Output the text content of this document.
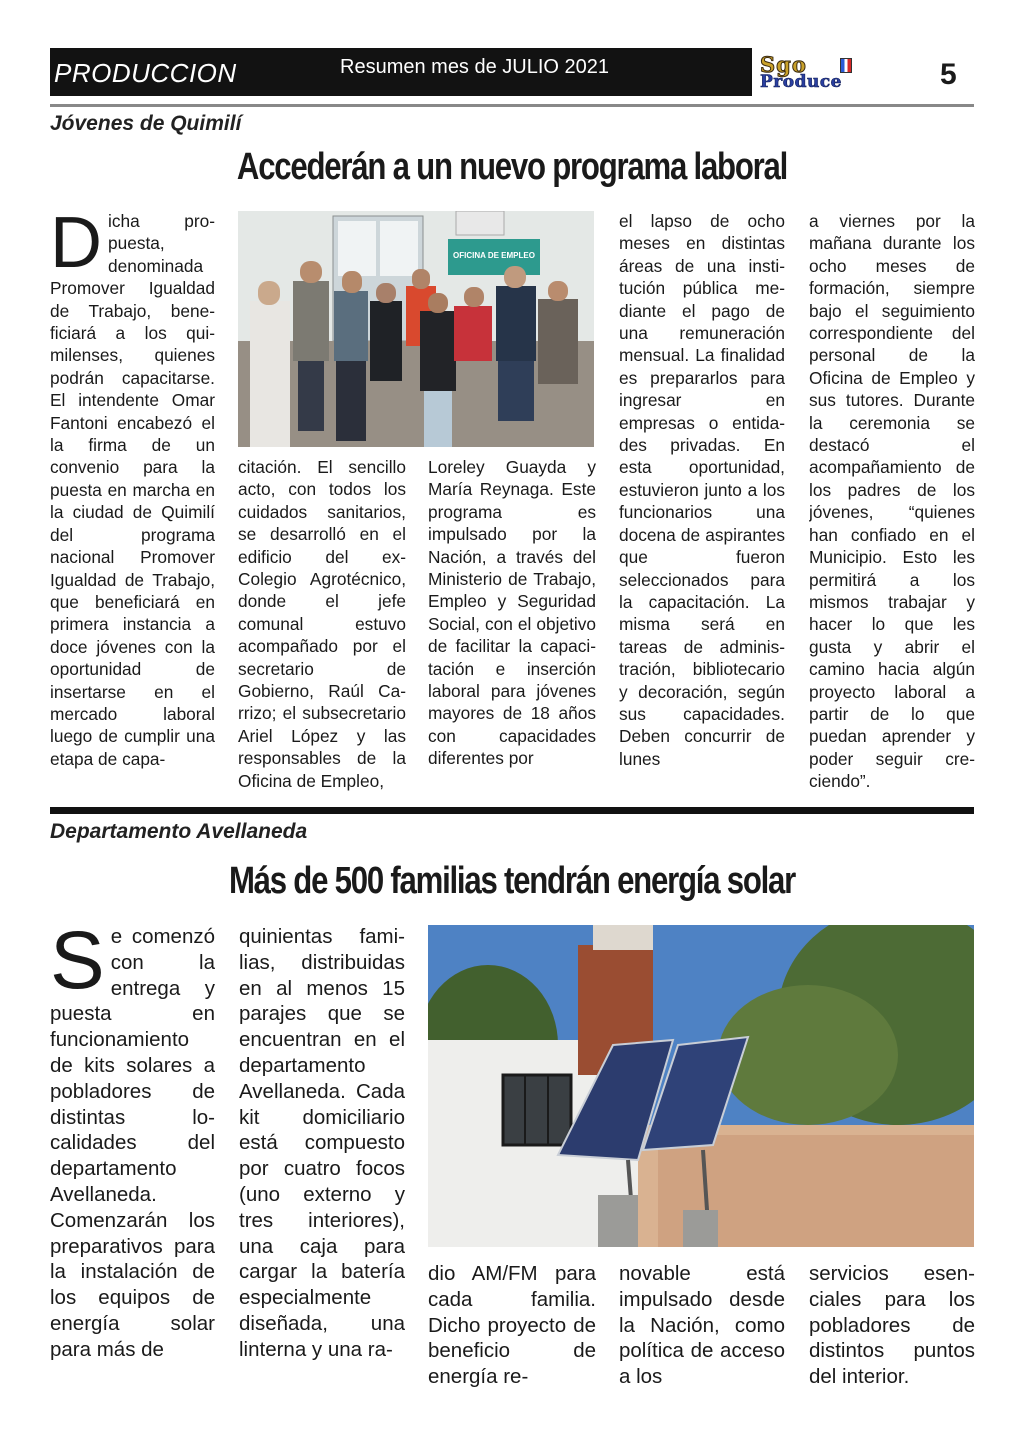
PRODUCCION	Resumen mes de JULIO 2021	Sgo
Produce	5
Jóvenes de Quimilí
Accederán a un nuevo programa laboral
D icha propuesta, denominada Promover Igualdad de Trabajo, beneficiará a los quimilenses, quienes podrán capacitarse. El intendente Omar Fantoni encabezó el la firma de un convenio para la puesta en marcha en la ciudad de Quimilí del programa nacional Promover Igualdad de Trabajo, que beneficiará en primera instancia a doce jóvenes con la oportunidad de insertarse en el mercado laboral luego de cumplir una etapa de capa-
OFICINA DE EMPLEO
citación. El sencillo acto, con todos los cuidados sanitarios, se desarrolló en el edificio del ex-Colegio Agrotécnico, donde el jefe comunal estuvo acompañado por el secretario de Gobierno, Raúl Carrizo; el subsecretario Ariel López y las responsables de la Oficina de Empleo,
Loreley Guayda y María Reynaga. Este programa es impulsado por la Nación, a través del Ministerio de Trabajo, Empleo y Seguridad Social, con el objetivo de facilitar la capacitación e inserción laboral para jóvenes mayores de 18 años con capacidades diferentes por
el lapso de ocho meses en distintas áreas de una institución pública mediante el pago de una remuneración mensual. La finalidad es prepararlos para ingresar en empresas o entidades privadas. En esta oportunidad, estuvieron junto a los funcionarios una docena de aspirantes que fueron seleccionados para la capacitación. La misma será en tareas de administración, bibliotecario y decoración, según sus capacidades. Deben concurrir de lunes
a viernes por la mañana durante los ocho meses de formación, siempre bajo el seguimiento correspondiente del personal de la Oficina de Empleo y sus tutores. Durante la ceremonia se destacó el acompañamiento de los padres de los jóvenes, “quienes han confiado en el Municipio. Esto les permitirá a los mismos trabajar y hacer lo que les gusta y abrir el camino hacia algún proyecto laboral a partir de lo que puedan aprender y poder seguir creciendo”.
Departamento Avellaneda
Más de 500 familias tendrán energía solar
S e comenzó con la entrega y puesta en funcionamiento de kits solares a pobladores de distintas localidades del departamento Avellaneda. Comenzarán los preparativos para la instalación de los equipos de energía solar para más de
quinientas familias, distribuidas en al menos 15 parajes que se encuentran en el departamento Avellaneda. Cada kit domiciliario está compuesto por cuatro focos (uno externo y tres interiores), una caja para cargar la batería especialmente diseñada, una linterna y una ra-
dio AM/FM para cada familia. Dicho proyecto de beneficio de energía re-
novable está impulsado desde la Nación, como política de acceso a los
servicios esenciales para los pobladores de distintos puntos del interior.
